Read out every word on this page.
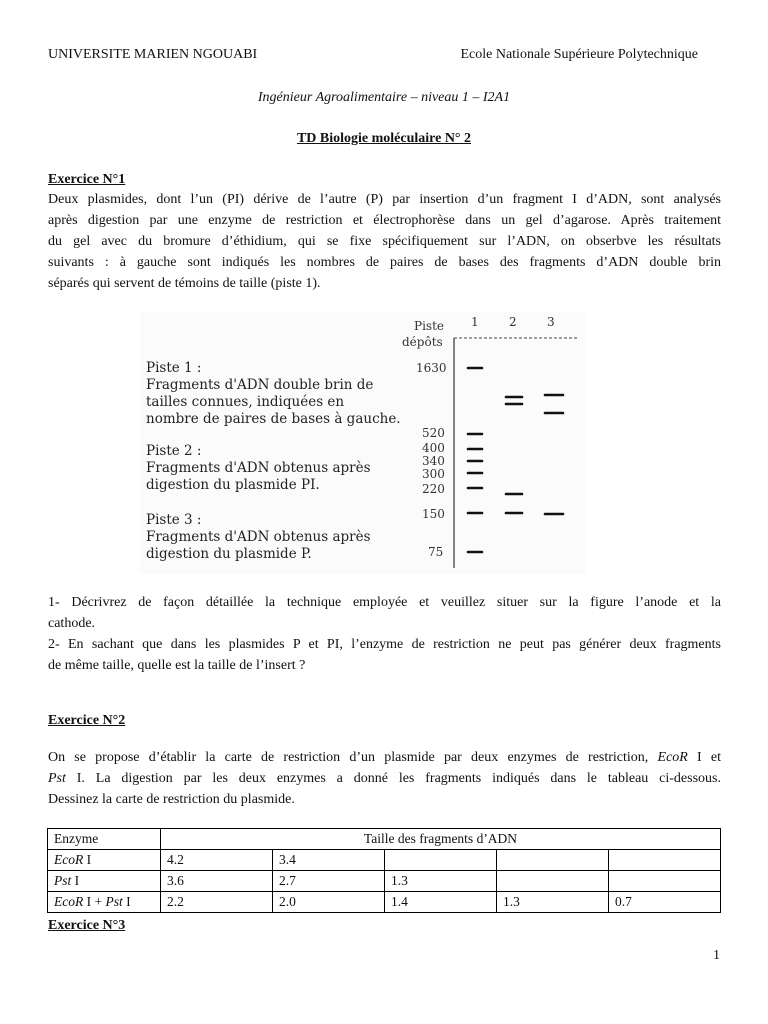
UNIVERSITE MARIEN NGOUABI	Ecole Nationale Supérieure Polytechnique
Ingénieur Agroalimentaire – niveau 1 – I2A1
TD Biologie moléculaire N° 2
Exercice N°1
Deux plasmides, dont l’un (PI) dérive de l’autre (P) par insertion d’un fragment I d’ADN, sont analysés
après digestion par une enzyme de restriction et électrophorèse dans un gel d’agarose. Après traitement
du gel avec du bromure d’éthidium, qui se fixe spécifiquement sur l’ADN, on obserbve les résultats
suivants : à gauche sont indiqués les nombres de paires de bases des fragments d’ADN double brin
séparés qui servent de témoins de taille (piste 1).
Piste 1 :
Fragments d'ADN double brin de
tailles connues, indiquées en
nombre de paires de bases à gauche.
Piste 2 :
Fragments d'ADN obtenus après
digestion du plasmide PI.
Piste 3 :
Fragments d'ADN obtenus après
digestion du plasmide P.
Piste
dépôts
1	2	3
1630
520
400
340
300
220
150
75
1- Décrivrez de façon détaillée la technique employée et veuillez situer sur la figure l’anode et la
cathode.
2- En sachant que dans les plasmides P et PI, l’enzyme de restriction ne peut pas générer deux fragments
de même taille, quelle est la taille de l’insert ?
Exercice N°2
On se propose d’établir la carte de restriction d’un plasmide par deux enzymes de restriction, EcoR I et
Pst I. La digestion par les deux enzymes a donné les fragments indiqués dans le tableau ci-dessous.
Dessinez la carte de restriction du plasmide.
Enzyme	Taille des fragments d’ADN				
EcoR I	4.2	3.4			
Pst I	3.6	2.7	1.3		
EcoR I + Pst I	2.2	2.0	1.4	1.3	0.7
Exercice N°3
1
